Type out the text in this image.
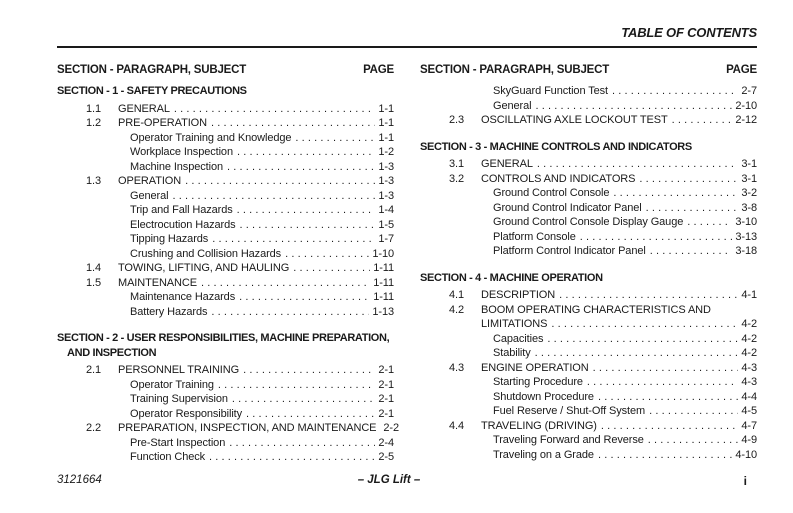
TABLE OF CONTENTS
SECTION - PARAGRAPH, SUBJECT	PAGE
SECTION - 1 - SAFETY PRECAUTIONS
1.1	GENERAL .....	1-1
1.2	PRE-OPERATION .....	1-1
Operator Training and Knowledge .....	1-1
Workplace Inspection .....	1-2
Machine Inspection .....	1-3
1.3	OPERATION .....	1-3
General .....	1-3
Trip and Fall Hazards .....	1-4
Electrocution Hazards .....	1-5
Tipping Hazards .....	1-7
Crushing and Collision Hazards .....	1-10
1.4	TOWING, LIFTING, AND HAULING .....	1-11
1.5	MAINTENANCE .....	1-11
Maintenance Hazards .....	1-11
Battery Hazards .....	1-13
SECTION - 2 - USER RESPONSIBILITIES, MACHINE PREPARATION,
AND INSPECTION
2.1	PERSONNEL TRAINING .....	2-1
Operator Training .....	2-1
Training Supervision .....	2-1
Operator Responsibility .....	2-1
2.2	PREPARATION, INSPECTION, AND MAINTENANCE 2-2
Pre-Start Inspection .....	2-4
Function Check .....	2-5
SECTION - PARAGRAPH, SUBJECT	PAGE
SkyGuard Function Test .....	2-7
General .....	2-10
2.3	OSCILLATING AXLE LOCKOUT TEST .....	2-12
SECTION - 3 - MACHINE CONTROLS AND INDICATORS
3.1	GENERAL .....	3-1
3.2	CONTROLS AND INDICATORS .....	3-1
Ground Control Console .....	3-2
Ground Control Indicator Panel .....	3-8
Ground Control Console Display Gauge .....	3-10
Platform Console .....	3-13
Platform Control Indicator Panel .....	3-18
SECTION - 4 - MACHINE OPERATION
4.1	DESCRIPTION .....	4-1
4.2	BOOM OPERATING CHARACTERISTICS AND
LIMITATIONS .....	4-2
Capacities .....	4-2
Stability .....	4-2
4.3	ENGINE OPERATION .....	4-3
Starting Procedure .....	4-3
Shutdown Procedure .....	4-4
Fuel Reserve / Shut-Off System .....	4-5
4.4	TRAVELING (DRIVING) .....	4-7
Traveling Forward and Reverse .....	4-9
Traveling on a Grade .....	4-10
3121664	– JLG Lift –	i
